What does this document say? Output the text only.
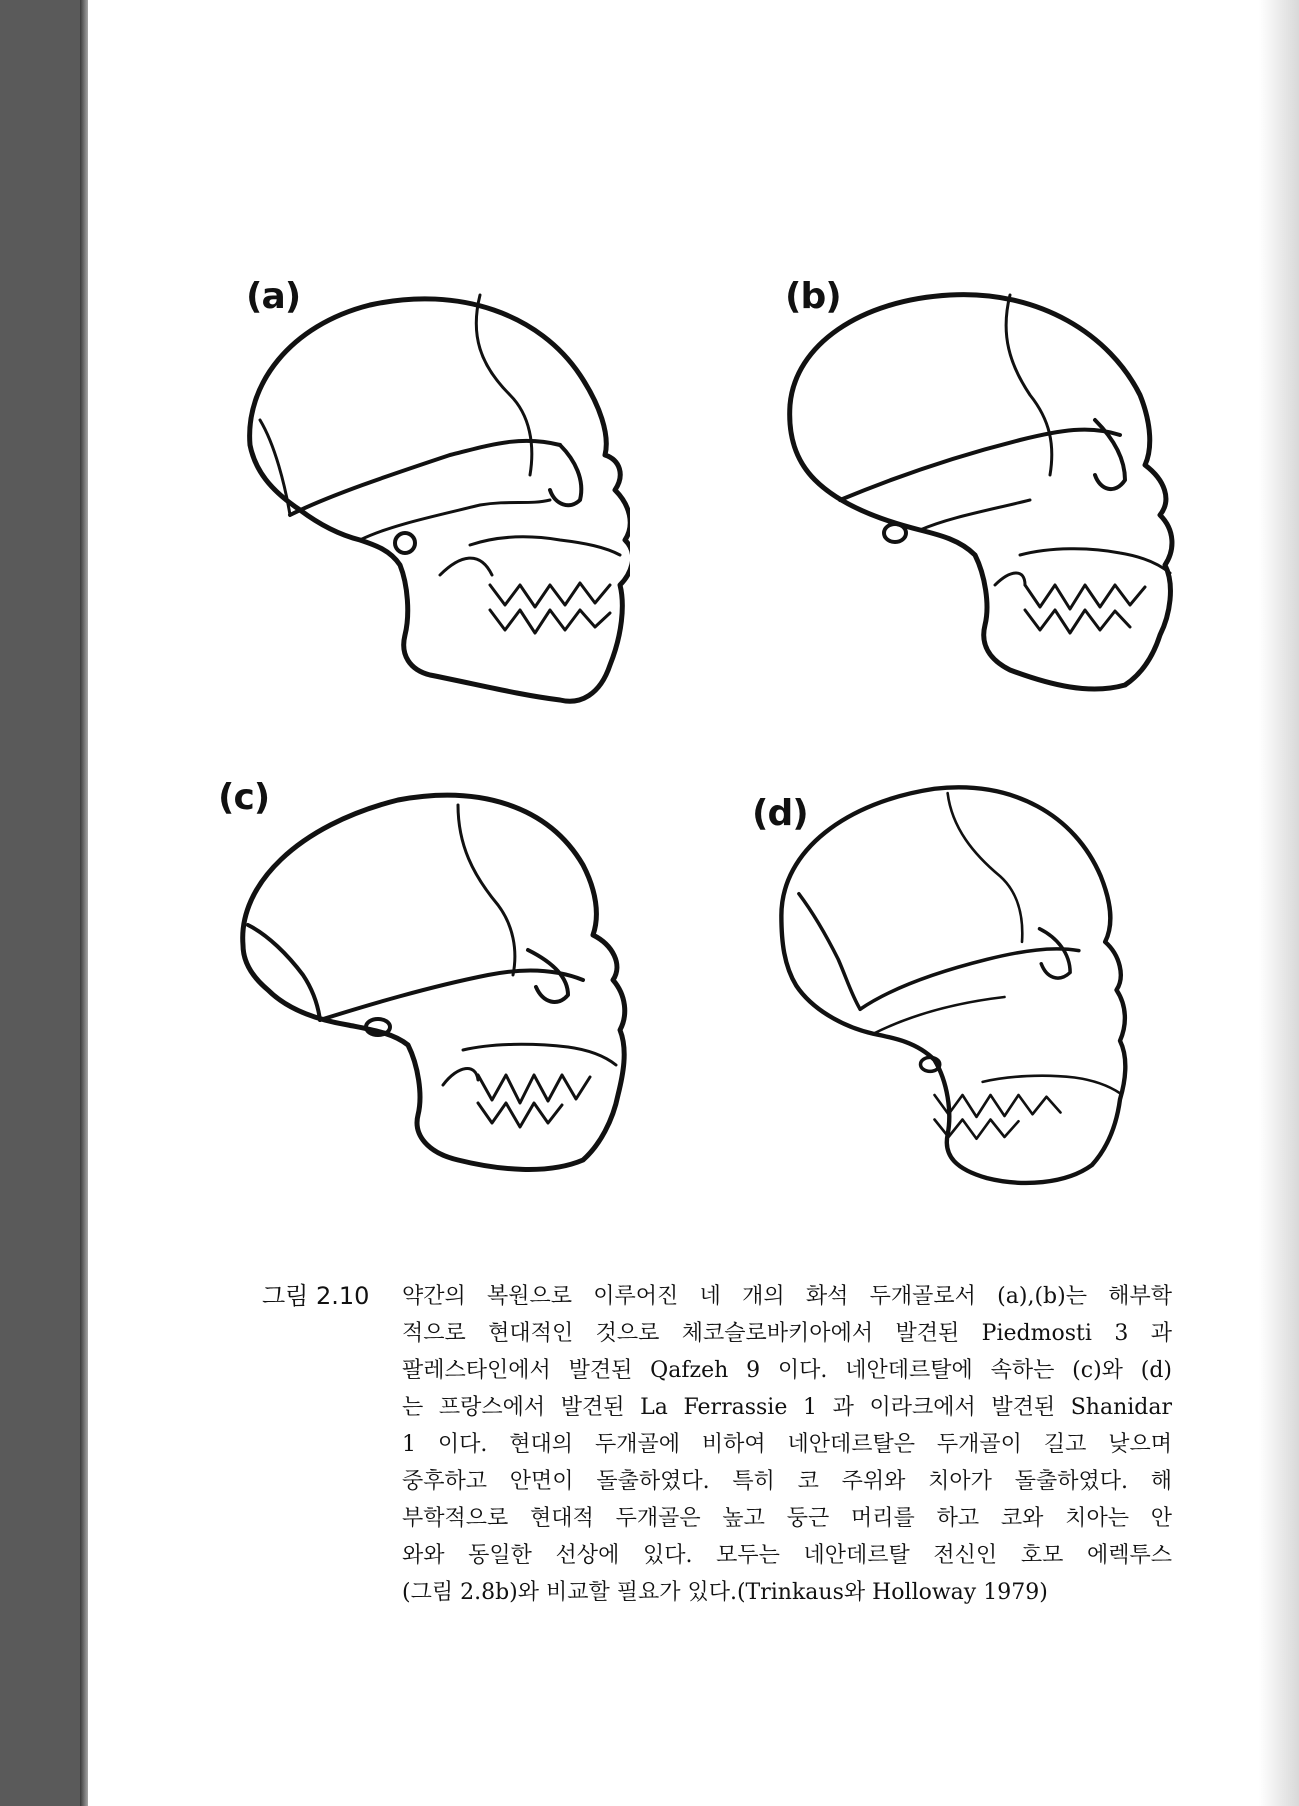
(a)	(b)
(c)	(d)
그림 2.10	약간의 복원으로 이루어진 네 개의 화석 두개골로서 (a),(b)는 해부학
적으로 현대적인 것으로 체코슬로바키아에서 발견된 Piedmosti 3 과
팔레스타인에서 발견된 Qafzeh 9 이다. 네안데르탈에 속하는 (c)와 (d)
는 프랑스에서 발견된 La Ferrassie 1 과 이라크에서 발견된 Shanidar
1 이다. 현대의 두개골에 비하여 네안데르탈은 두개골이 길고 낮으며
중후하고 안면이 돌출하였다. 특히 코 주위와 치아가 돌출하였다. 해
부학적으로 현대적 두개골은 높고 둥근 머리를 하고 코와 치아는 안
와와 동일한 선상에 있다. 모두는 네안데르탈 전신인 호모 에렉투스
(그림 2.8b)와 비교할 필요가 있다.(Trinkaus와 Holloway 1979)
